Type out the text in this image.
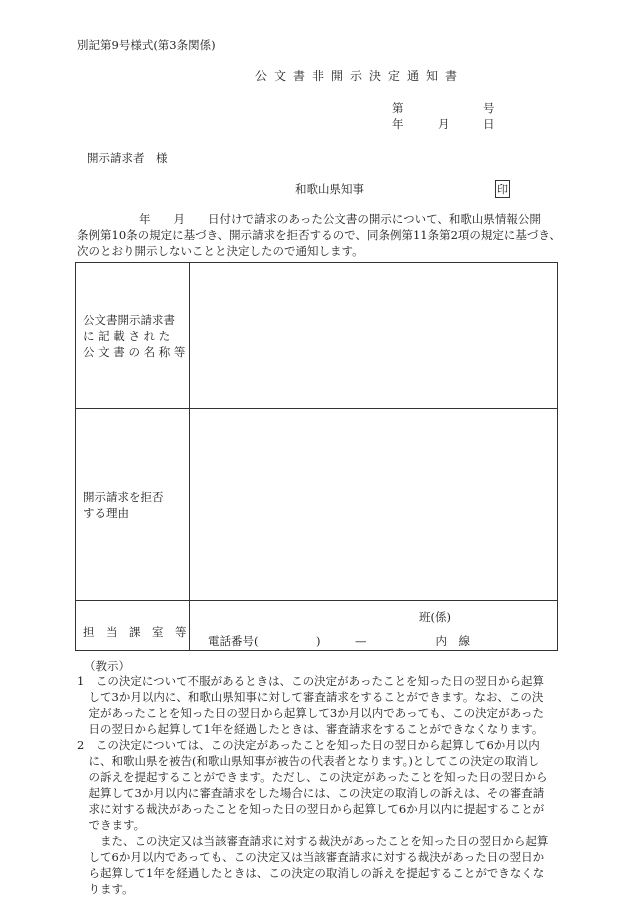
別記第9号様式(第3条関係)
公文書非開示決定通知書
第	号
年	月	日
開示請求者　様
和歌山県知事	印
年　　月　　日付けで請求のあった公文書の開示について、和歌山県情報公開
条例第10条の規定に基づき、開示請求を拒否するので、同条例第11条第2項の規定に基づき、
次のとおり開示しないことと決定したので通知します。
公文書開示請求書
に 記 載 さ れ た
公 文 書 の 名 称 等	

開示請求を拒否
する理由	

担　当　課　室　等	班(係)
電話番号(　　　　　)　　　—　　　　　　内　線
（教示）
1　この決定について不服があるときは、この決定があったことを知った日の翌日から起算
　して3か月以内に、和歌山県知事に対して審査請求をすることができます。なお、この決
　定があったことを知った日の翌日から起算して3か月以内であっても、この決定があった
　日の翌日から起算して1年を経過したときは、審査請求をすることができなくなります。
2　この決定については、この決定があったことを知った日の翌日から起算して6か月以内
　に、和歌山県を被告(和歌山県知事が被告の代表者となります。)としてこの決定の取消し
　の訴えを提起することができます。ただし、この決定があったことを知った日の翌日から
　起算して3か月以内に審査請求をした場合には、この決定の取消しの訴えは、その審査請
　求に対する裁決があったことを知った日の翌日から起算して6か月以内に提起することが
　できます。
　　また、この決定又は当該審査請求に対する裁決があったことを知った日の翌日から起算
　して6か月以内であっても、この決定又は当該審査請求に対する裁決があった日の翌日か
　ら起算して1年を経過したときは、この決定の取消しの訴えを提起することができなくな
　ります。
